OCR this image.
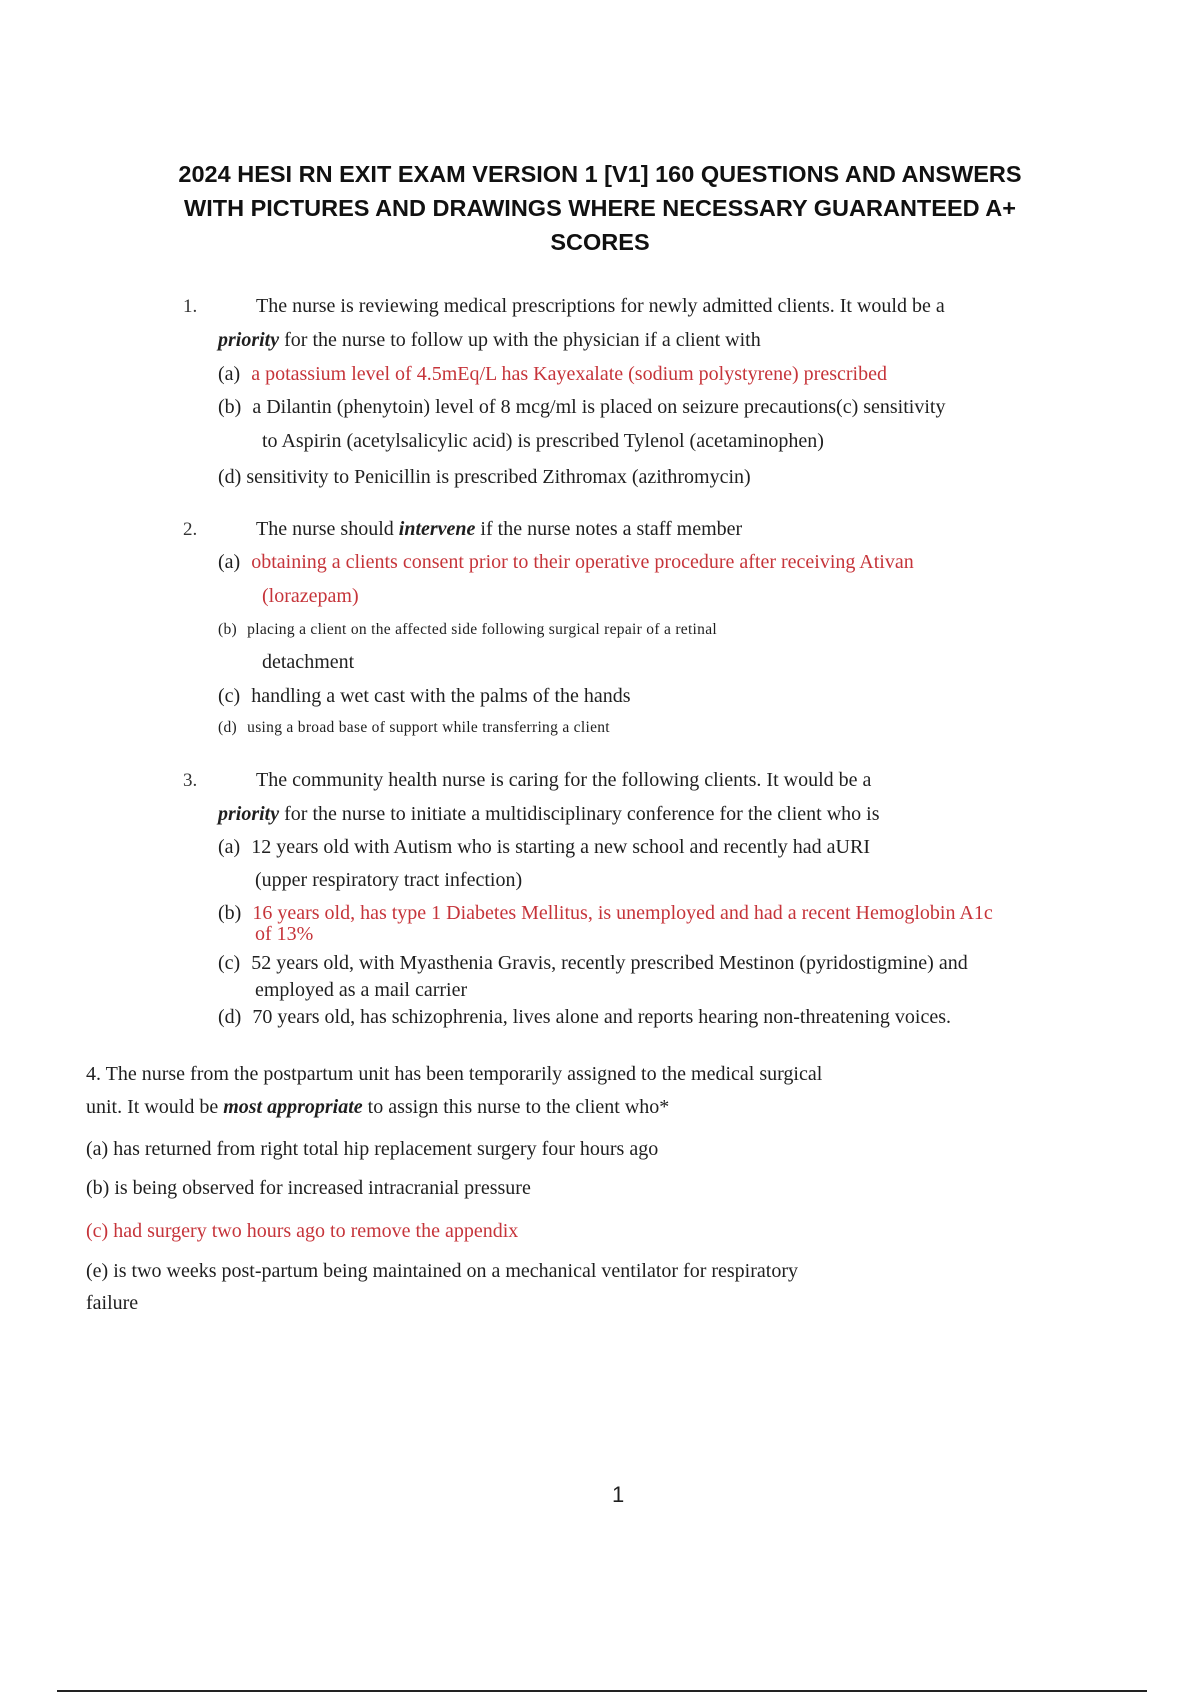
2024 HESI RN EXIT EXAM VERSION 1 [V1] 160 QUESTIONS AND ANSWERS
WITH PICTURES AND DRAWINGS WHERE NECESSARY GUARANTEED A+
SCORES
1.	The nurse is reviewing medical prescriptions for newly admitted clients. It would be a
priority for the nurse to follow up with the physician if a client with
(a) a potassium level of 4.5mEq/L has Kayexalate (sodium polystyrene) prescribed
(b) a Dilantin (phenytoin) level of 8 mcg/ml is placed on seizure precautions(c) sensitivity
to Aspirin (acetylsalicylic acid) is prescribed Tylenol (acetaminophen)
(d) sensitivity to Penicillin is prescribed Zithromax (azithromycin)
2.	The nurse should intervene if the nurse notes a staff member
(a) obtaining a clients consent prior to their operative procedure after receiving Ativan
(lorazepam)
(b) placing a client on the affected side following surgical repair of a retinal
detachment
(c) handling a wet cast with the palms of the hands
(d) using a broad base of support while transferring a client
3.	The community health nurse is caring for the following clients. It would be a
priority for the nurse to initiate a multidisciplinary conference for the client who is
(a) 12 years old with Autism who is starting a new school and recently had aURI
(upper respiratory tract infection)
(b) 16 years old, has type 1 Diabetes Mellitus, is unemployed and had a recent Hemoglobin A1c
of 13%
(c) 52 years old, with Myasthenia Gravis, recently prescribed Mestinon (pyridostigmine) and
employed as a mail carrier
(d) 70 years old, has schizophrenia, lives alone and reports hearing non-threatening voices.
4. The nurse from the postpartum unit has been temporarily assigned to the medical surgical
unit. It would be most appropriate to assign this nurse to the client who*
(a) has returned from right total hip replacement surgery four hours ago
(b) is being observed for increased intracranial pressure
(c) had surgery two hours ago to remove the appendix
(e) is two weeks post-partum being maintained on a mechanical ventilator for respiratory
failure
1
